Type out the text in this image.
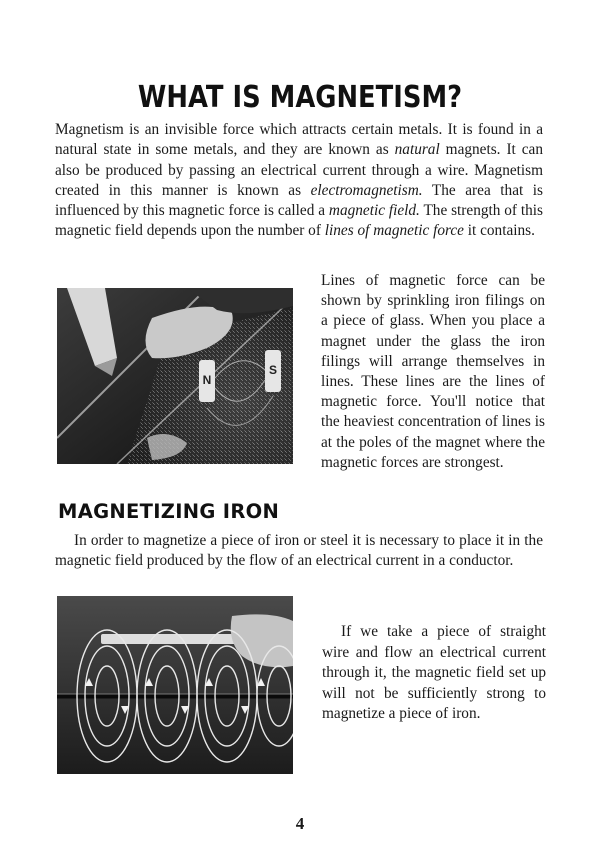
WHAT IS MAGNETISM?

Magnetism is an invisible force which attracts certain metals. It is found in a natural state in some metals, and they are known as natural magnets. It can also be produced by passing an electrical current through a wire. Magnetism created in this manner is known as electromagnetism. The area that is influenced by this magnetic force is called a magnetic field. The strength of this magnetic field depends upon the number of lines of magnetic force it contains.

N
S

Lines of magnetic force can be shown by sprinkling iron filings on a piece of glass. When you place a magnet under the glass the iron filings will arrange themselves in lines. These lines are the lines of magnetic force. You'll notice that the heaviest concentration of lines is at the poles of the magnet where the magnetic forces are strongest.

MAGNETIZING IRON

In order to magnetize a piece of iron or steel it is necessary to place it in the magnetic field produced by the flow of an electrical current in a conductor.

If we take a piece of straight wire and flow an electrical current through it, the magnetic field set up will not be sufficiently strong to magnetize a piece of iron.

4
